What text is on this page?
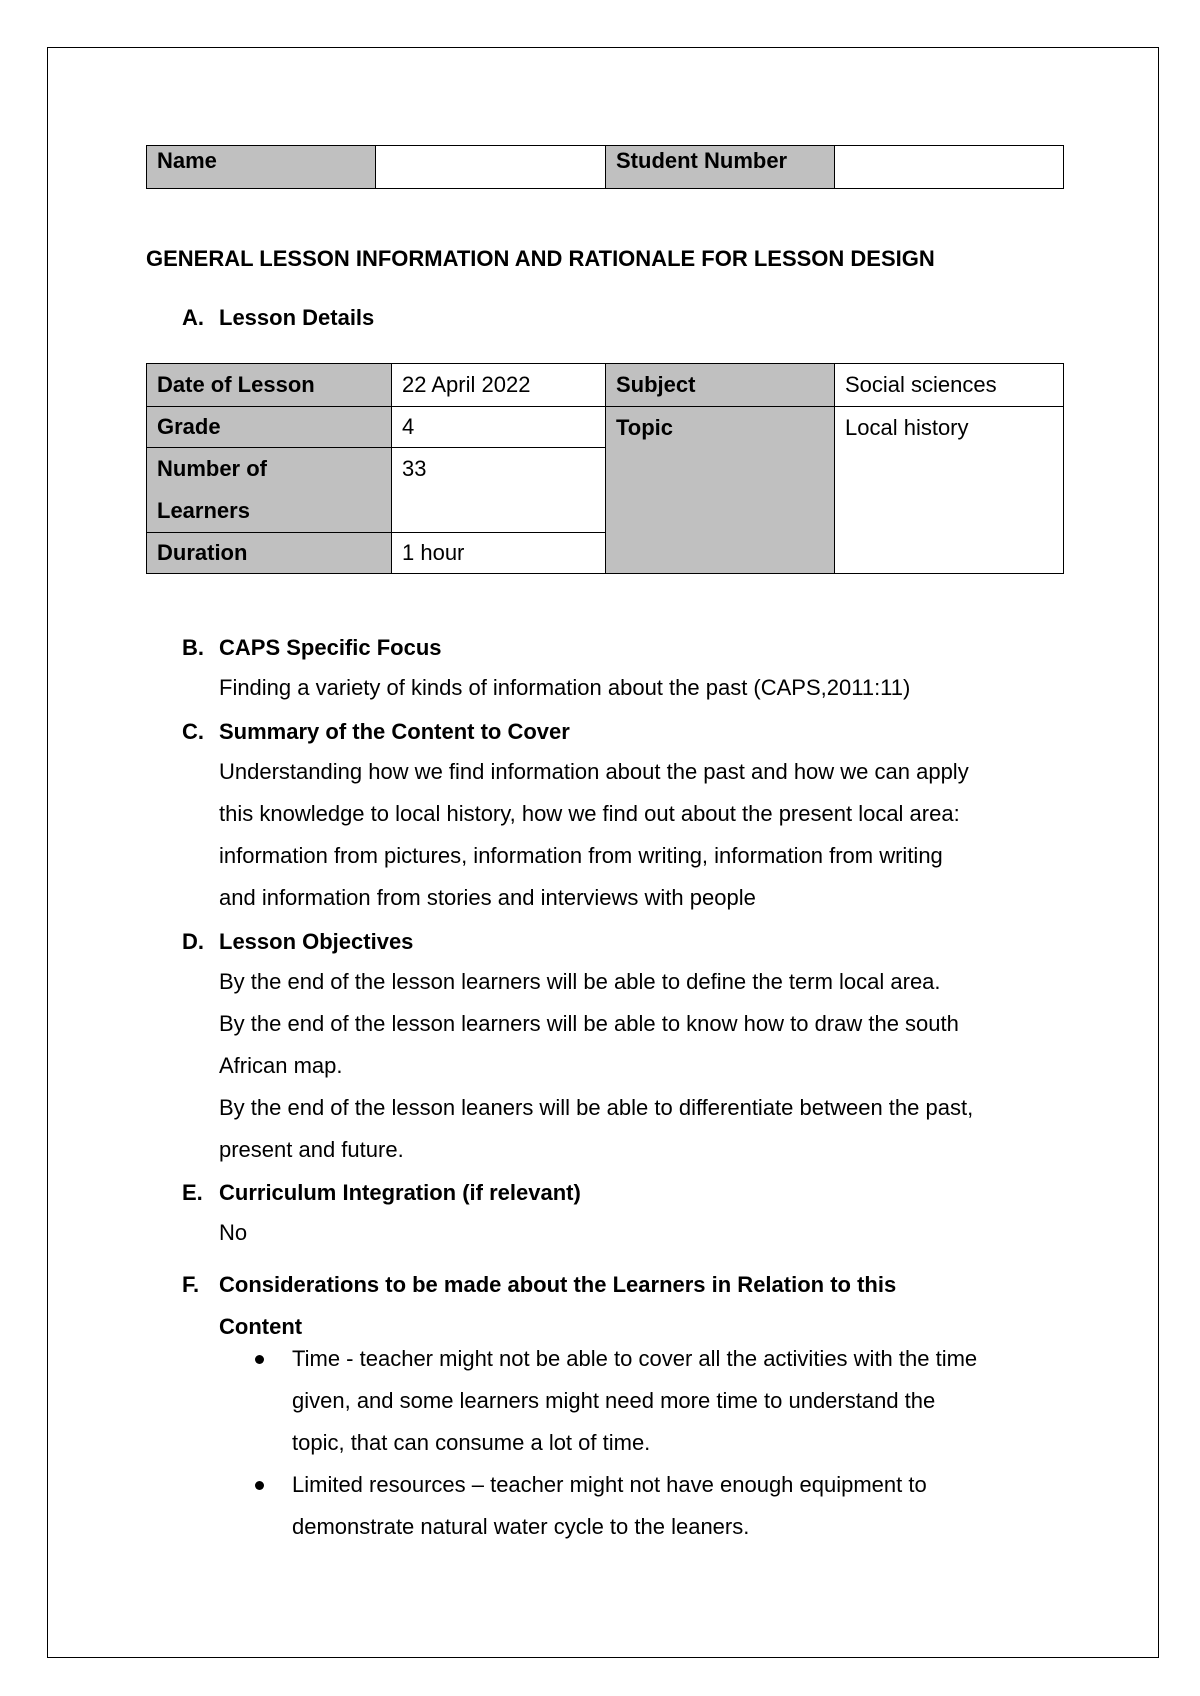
Name		Student Number	
GENERAL LESSON INFORMATION AND RATIONALE FOR LESSON DESIGN
A. Lesson Details
Date of Lesson	22 April 2022	Subject	Social sciences
Grade	4	Topic	Local history

Number of
Learners	33		
Duration	1 hour		
B. CAPS Specific Focus

Finding a variety of kinds of information about the past (CAPS,2011:11)

C. Summary of the Content to Cover

Understanding how we find information about the past and how we can apply

this knowledge to local history, how we find out about the present local area:

information from pictures, information from writing, information from writing

and information from stories and interviews with people

D. Lesson Objectives

By the end of the lesson learners will be able to define the term local area.

By the end of the lesson learners will be able to know how to draw the south

African map.

By the end of the lesson leaners will be able to differentiate between the past,

present and future.

E. Curriculum Integration (if relevant)

No

F. Considerations to be made about the Learners in Relation to this
Content
Time - teacher might not be able to cover all the activities with the time
given, and some learners might need more time to understand the
topic, that can consume a lot of time.
Limited resources – teacher might not have enough equipment to
demonstrate natural water cycle to the leaners.
